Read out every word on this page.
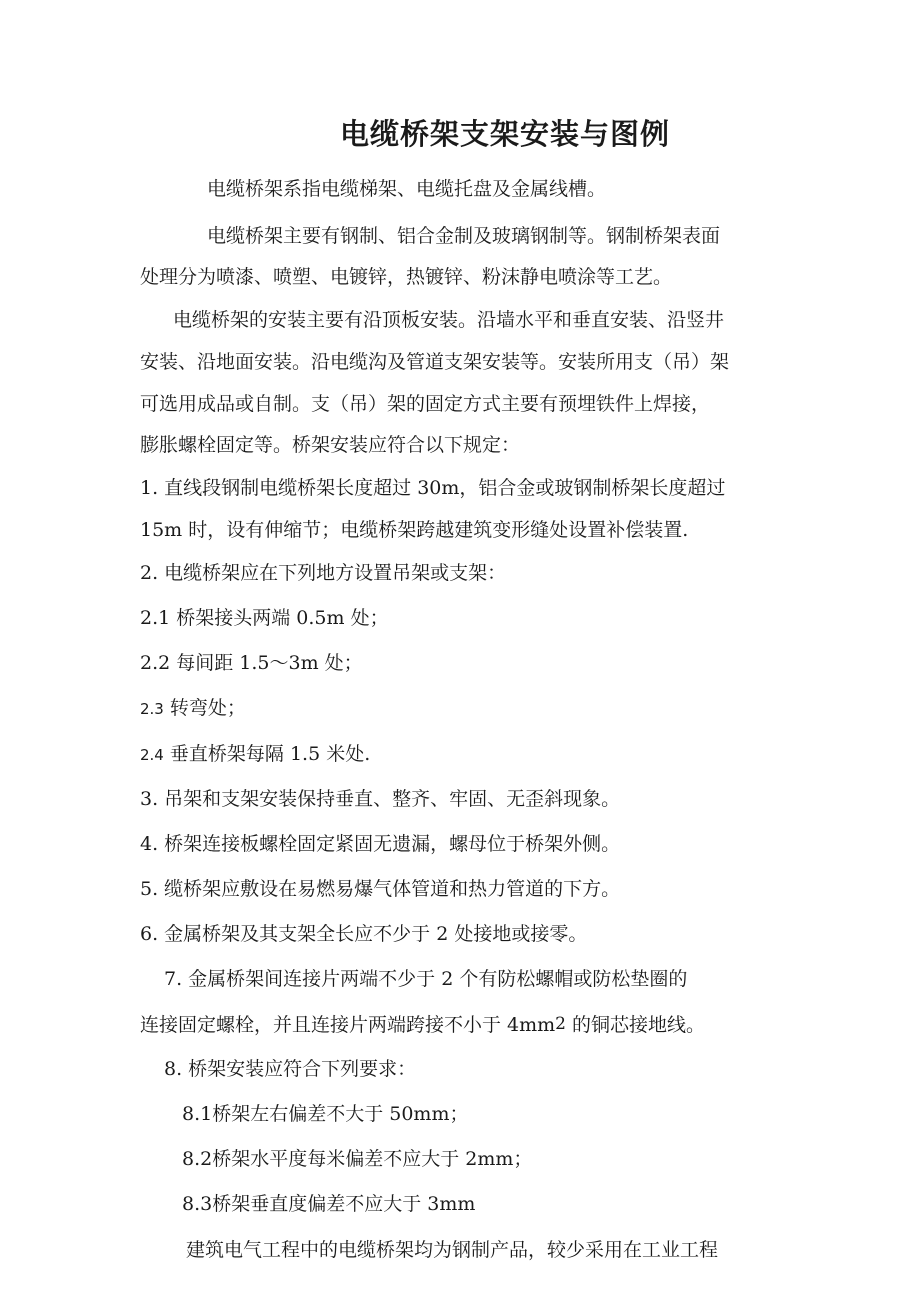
电缆桥架支架安装与图例
电缆桥架系指电缆梯架、电缆托盘及金属线槽。
电缆桥架主要有钢制、铝合金制及玻璃钢制等。钢制桥架表面
处理分为喷漆、喷塑、电镀锌，热镀锌、粉沫静电喷涂等工艺。
电缆桥架的安装主要有沿顶板安装。沿墙水平和垂直安装、沿竖井
安装、沿地面安装。沿电缆沟及管道支架安装等。安装所用支（吊）架
可选用成品或自制。支（吊）架的固定方式主要有预埋铁件上焊接，
膨胀螺栓固定等。桥架安装应符合以下规定：
1. 直线段钢制电缆桥架长度超过 30m，铝合金或玻钢制桥架长度超过
15m 时，设有伸缩节；电缆桥架跨越建筑变形缝处设置补偿装置.
2. 电缆桥架应在下列地方设置吊架或支架：
2.1 桥架接头两端 0.5m 处；
2.2 每间距 1.5～3m 处；
2.3 转弯处；
2.4 垂直桥架每隔 1.5 米处.
3. 吊架和支架安装保持垂直、整齐、牢固、无歪斜现象。
4. 桥架连接板螺栓固定紧固无遗漏，螺母位于桥架外侧。
5. 缆桥架应敷设在易燃易爆气体管道和热力管道的下方。
6. 金属桥架及其支架全长应不少于 2 处接地或接零。
7. 金属桥架间连接片两端不少于 2 个有防松螺帽或防松垫圈的
连接固定螺栓，并且连接片两端跨接不小于 $4mm^2$ 的铜芯接地线。
8. 桥架安装应符合下列要求：
8.1桥架左右偏差不大于 50mm；
8.2桥架水平度每米偏差不应大于 2mm；
8.3桥架垂直度偏差不应大于 3mm
建筑电气工程中的电缆桥架均为钢制产品，较少采用在工业工程
